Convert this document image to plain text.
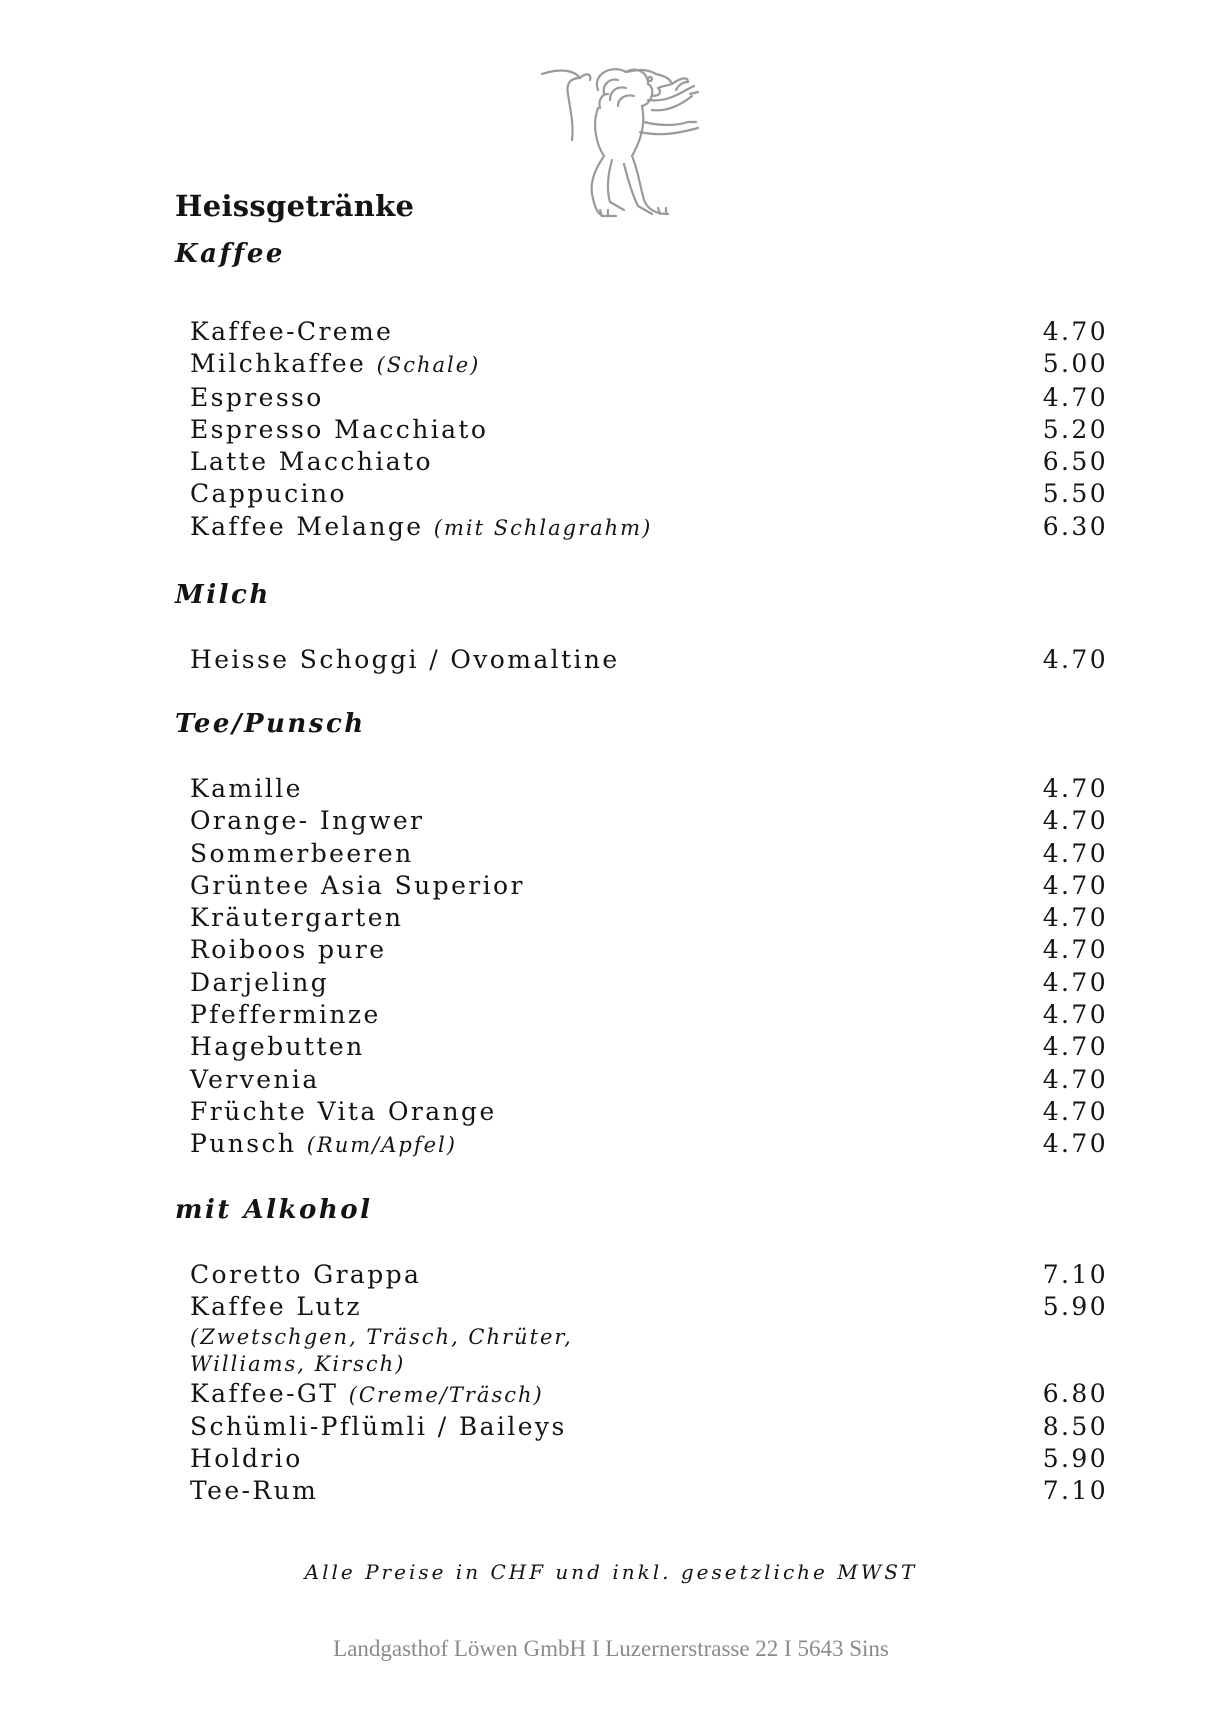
Heissgetränke
Kaffee
Kaffee-Creme	4.70
Milchkaffee (Schale)	5.00
Espresso	4.70
Espresso Macchiato	5.20
Latte Macchiato	6.50
Cappucino	5.50
Kaffee Melange (mit Schlagrahm)	6.30
Milch
Heisse Schoggi / Ovomaltine	4.70
Tee/Punsch
Kamille	4.70
Orange- Ingwer	4.70
Sommerbeeren	4.70
Grüntee Asia Superior	4.70
Kräutergarten	4.70
Roiboos pure	4.70
Darjeling	4.70
Pfefferminze	4.70
Hagebutten	4.70
Vervenia	4.70
Früchte Vita Orange	4.70
Punsch (Rum/Apfel)	4.70
mit Alkohol
Coretto Grappa	7.10
Kaffee Lutz	5.90

(Zwetschgen, Träsch, Chrüter,

Williams, Kirsch)

Kaffee-GT (Creme/Träsch)	6.80
Schümli-Pflümli / Baileys	8.50
Holdrio	5.90
Tee-Rum	7.10

Alle Preise in CHF und inkl. gesetzliche MWST

Landgasthof Löwen GmbH I Luzernerstrasse 22 I 5643 Sins
